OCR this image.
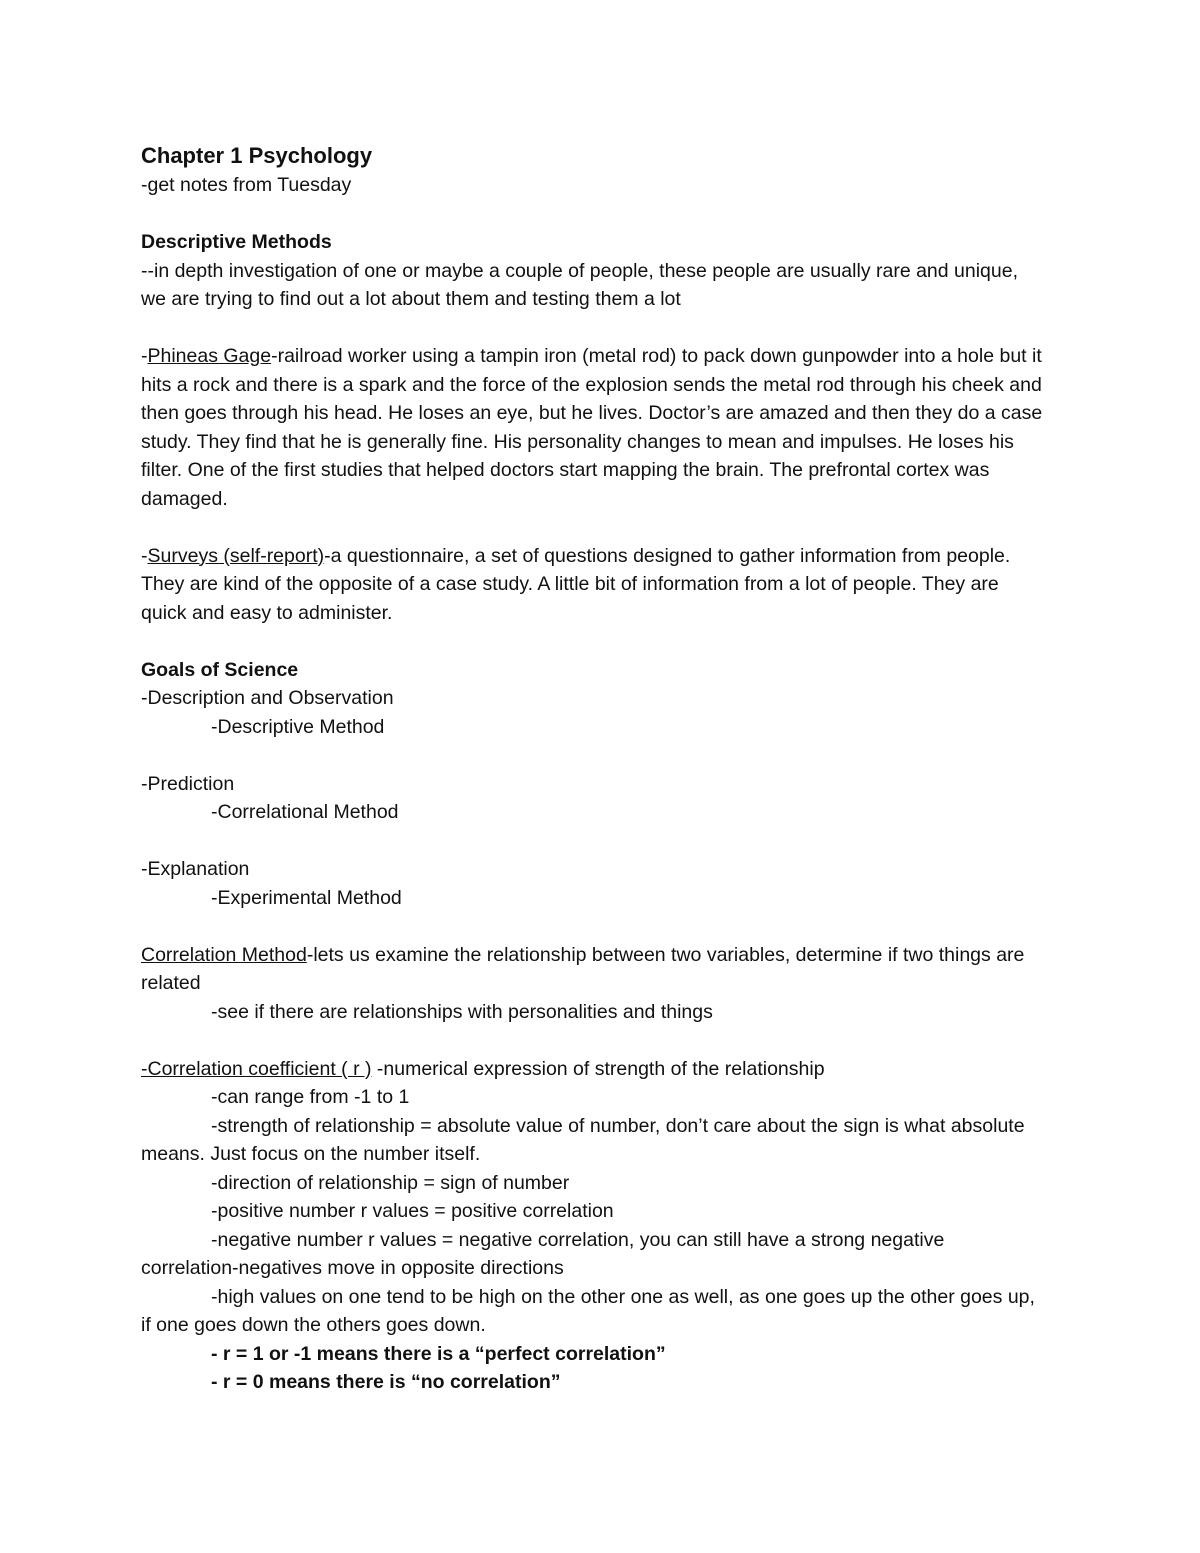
Chapter 1 Psychology

-get notes from Tuesday

Descriptive Methods

--in depth investigation of one or maybe a couple of people, these people are usually rare and unique, we are trying to find out a lot about them and testing them a lot

-Phineas Gage-railroad worker using a tampin iron (metal rod) to pack down gunpowder into a hole but it hits a rock and there is a spark and the force of the explosion sends the metal rod through his cheek and then goes through his head. He loses an eye, but he lives. Doctor’s are amazed and then they do a case study. They find that he is generally fine. His personality changes to mean and impulses. He loses his filter. One of the first studies that helped doctors start mapping the brain. The prefrontal cortex was damaged.

-Surveys (self-report)-a questionnaire, a set of questions designed to gather information from people. They are kind of the opposite of a case study. A little bit of information from a lot of people. They are quick and easy to administer.

Goals of Science

-Description and Observation

-Descriptive Method

-Prediction

-Correlational Method

-Explanation

-Experimental Method

Correlation Method-lets us examine the relationship between two variables, determine if two things are related

-see if there are relationships with personalities and things

-Correlation coefficient ( r ) -numerical expression of strength of the relationship

-can range from -1 to 1

-strength of relationship = absolute value of number, don’t care about the sign is what absolute means. Just focus on the number itself.

-direction of relationship = sign of number

-positive number r values = positive correlation

-negative number r values = negative correlation, you can still have a strong negative correlation-negatives move in opposite directions

-high values on one tend to be high on the other one as well, as one goes up the other goes up, if one goes down the others goes down.

- r = 1 or -1 means there is a “perfect correlation”

- r = 0 means there is “no correlation”
